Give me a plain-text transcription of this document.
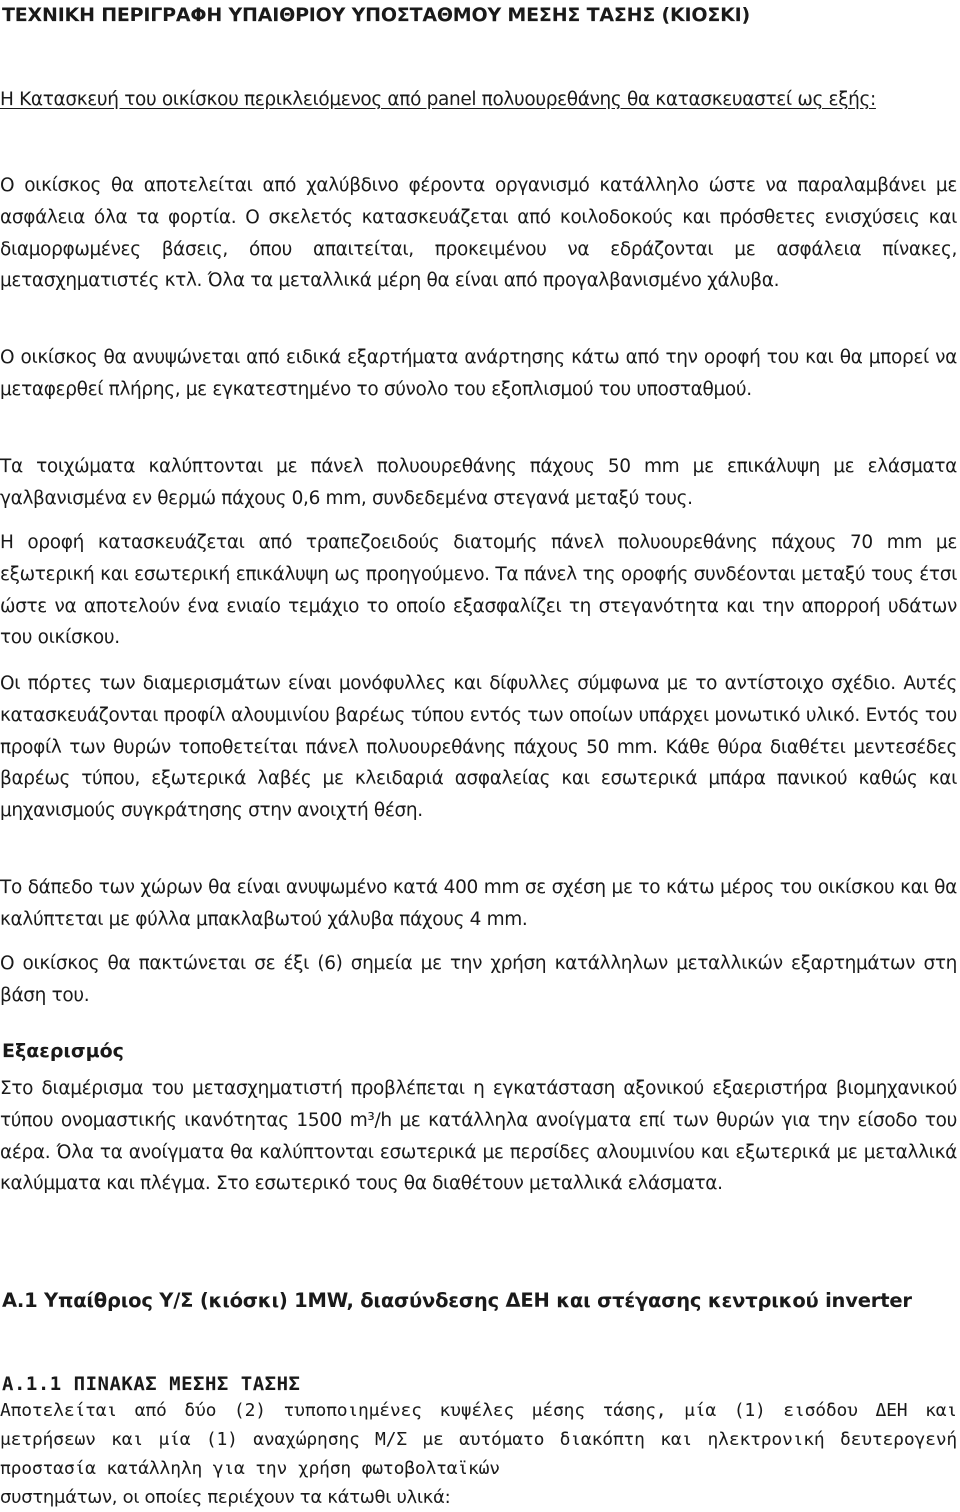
ΤΕΧΝΙΚΗ ΠΕΡΙΓΡΑΦΗ ΥΠΑΙΘΡΙΟΥ ΥΠΟΣΤΑΘΜΟΥ ΜΕΣΗΣ ΤΑΣΗΣ (ΚΙΟΣΚΙ)
Η Κατασκευή του οικίσκου περικλειόμενος από panel πολυουρεθάνης θα κατασκευαστεί ως εξής:
Ο οικίσκος θα αποτελείται από χαλύβδινο φέροντα οργανισμό κατάλληλο ώστε να παραλαμβάνει με ασφάλεια όλα τα φορτία. Ο σκελετός κατασκευάζεται από κοιλοδοκούς και πρόσθετες ενισχύσεις και διαμορφωμένες βάσεις, όπου απαιτείται, προκειμένου να εδράζονται με ασφάλεια πίνακες, μετασχηματιστές κτλ. Όλα τα μεταλλικά μέρη θα είναι από προγαλβανισμένο χάλυβα.
Ο οικίσκος θα ανυψώνεται από ειδικά εξαρτήματα ανάρτησης κάτω από την οροφή του και θα μπορεί να μεταφερθεί πλήρης, με εγκατεστημένο το σύνολο του εξοπλισμού του υποσταθμού.
Τα τοιχώματα καλύπτονται με πάνελ πολυουρεθάνης πάχους 50 mm με επικάλυψη με ελάσματα γαλβανισμένα εν θερμώ πάχους 0,6 mm, συνδεδεμένα στεγανά μεταξύ τους.
Η οροφή κατασκευάζεται από τραπεζοειδούς διατομής πάνελ πολυουρεθάνης πάχους 70 mm με εξωτερική και εσωτερική επικάλυψη ως προηγούμενο. Τα πάνελ της οροφής συνδέονται μεταξύ τους έτσι ώστε να αποτελούν ένα ενιαίο τεμάχιο το οποίο εξασφαλίζει τη στεγανότητα και την απορροή υδάτων του οικίσκου.
Οι πόρτες των διαμερισμάτων είναι μονόφυλλες και δίφυλλες σύμφωνα με το αντίστοιχο σχέδιο. Αυτές κατασκευάζονται προφίλ αλουμινίου βαρέως τύπου εντός των οποίων υπάρχει μονωτικό υλικό. Εντός του προφίλ των θυρών τοποθετείται πάνελ πολυουρεθάνης πάχους 50 mm. Κάθε θύρα διαθέτει μεντεσέδες βαρέως τύπου, εξωτερικά λαβές με κλειδαριά ασφαλείας και εσωτερικά μπάρα πανικού καθώς και μηχανισμούς συγκράτησης στην ανοιχτή θέση.
Το δάπεδο των χώρων θα είναι ανυψωμένο κατά 400 mm σε σχέση με το κάτω μέρος του οικίσκου και θα καλύπτεται με φύλλα μπακλαβωτού χάλυβα πάχους 4 mm.
Ο οικίσκος θα πακτώνεται σε έξι (6) σημεία με την χρήση κατάλληλων μεταλλικών εξαρτημάτων στη βάση του.
Εξαερισμός
Στο διαμέρισμα του μετασχηματιστή προβλέπεται η εγκατάσταση αξονικού εξαεριστήρα βιομηχανικού τύπου ονομαστικής ικανότητας 1500 m³/h με κατάλληλα ανοίγματα επί των θυρών για την είσοδο του αέρα. Όλα τα ανοίγματα θα καλύπτονται εσωτερικά με περσίδες αλουμινίου και εξωτερικά με μεταλλικά καλύμματα και πλέγμα. Στο εσωτερικό τους θα διαθέτουν μεταλλικά ελάσματα.
Α.1 Υπαίθριος Υ/Σ (κιόσκι) 1MW, διασύνδεσης ΔΕΗ και στέγασης κεντρικού inverter
Α.1.1 ΠΙΝΑΚΑΣ ΜΕΣΗΣ ΤΑΣΗΣ
Αποτελείται από δύο (2) τυποποιημένες κυψέλες μέσης τάσης, μία (1) εισόδου ΔΕΗ και μετρήσεων και μία (1) αναχώρησης Μ/Σ με αυτόματο διακόπτη και ηλεκτρονική δευτερογενή προστασία κατάλληλη για την χρήση φωτοβολταϊκών
συστημάτων, οι οποίες περιέχουν τα κάτωθι υλικά:
